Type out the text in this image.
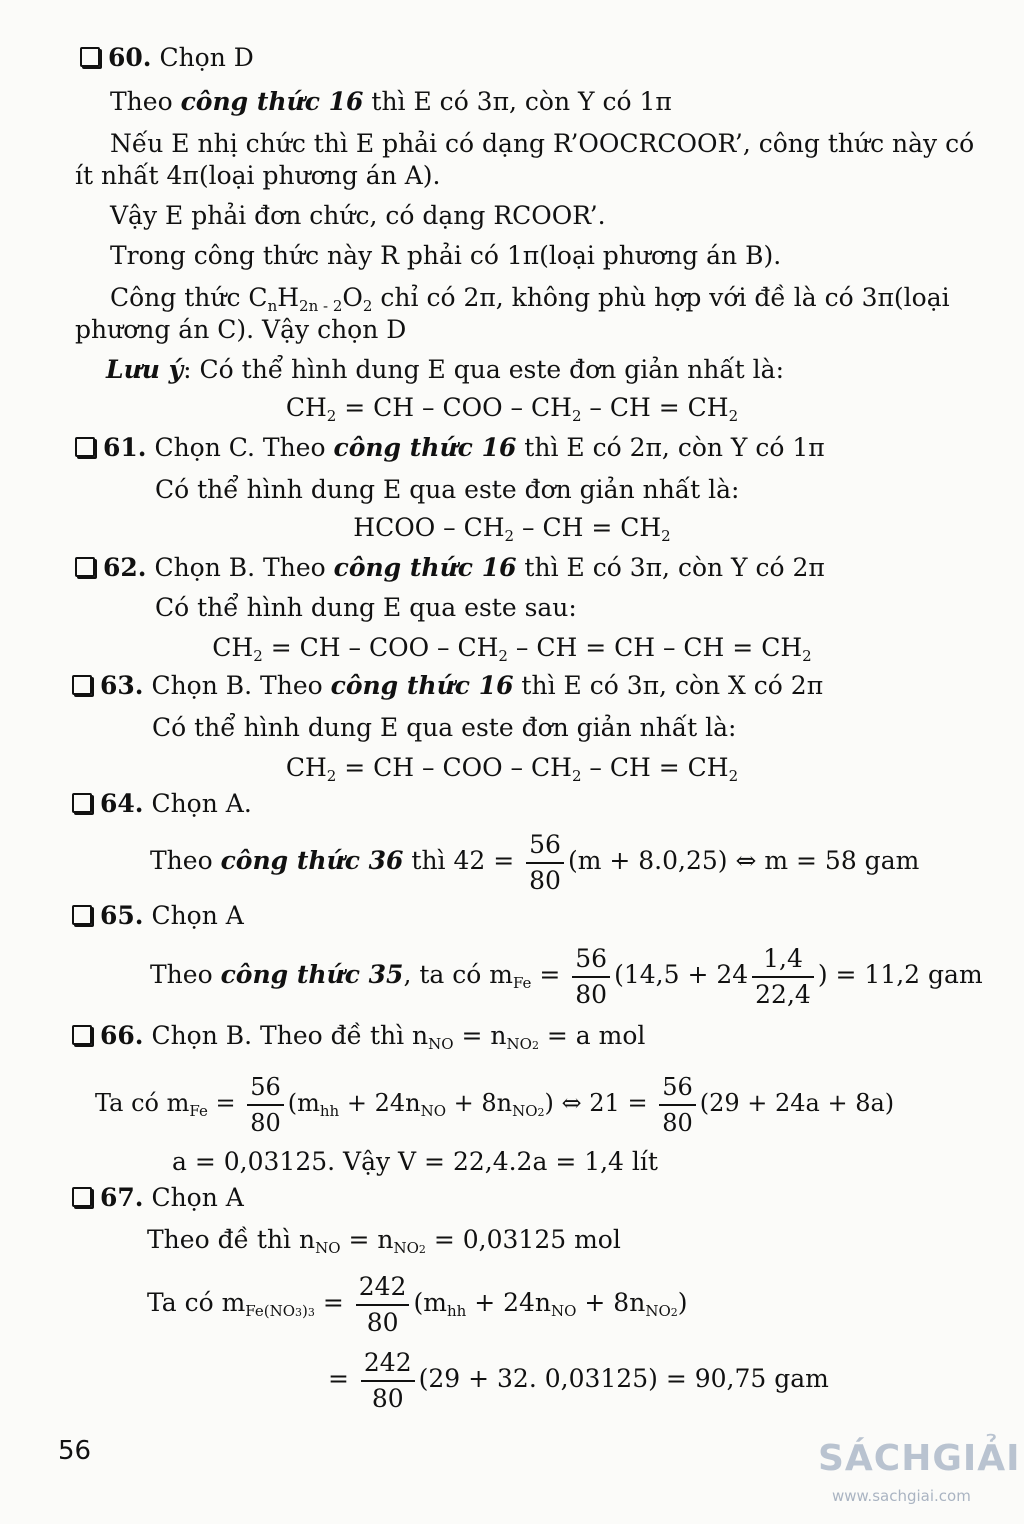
60. Chọn D
Theo công thức 16 thì E có 3π, còn Y có 1π
Nếu E nhị chức thì E phải có dạng R’OOCRCOOR’, công thức này có
ít nhất 4π(loại phương án A).
Vậy E phải đơn chức, có dạng RCOOR’.
Trong công thức này R phải có 1π(loại phương án B).
Công thức $C_nH_{2n - 2}O_2$ chỉ có 2π, không phù hợp với đề là có 3π(loại
phương án C). Vậy chọn D
Lưu ý: Có thể hình dung E qua este đơn giản nhất là:
$CH_2$ = CH – COO – $CH_2$ – CH = $CH_2$
61. Chọn C. Theo công thức 16 thì E có 2π, còn Y có 1π
Có thể hình dung E qua este đơn giản nhất là:
HCOO – $CH_2$ – CH = $CH_2$
62. Chọn B. Theo công thức 16 thì E có 3π, còn Y có 2π
Có thể hình dung E qua este sau:
$CH_2$ = CH – COO – $CH_2$ – CH = CH – CH = $CH_2$
63. Chọn B. Theo công thức 16 thì E có 3π, còn X có 2π
Có thể hình dung E qua este đơn giản nhất là:
$CH_2$ = CH – COO – $CH_2$ – CH = $CH_2$
64. Chọn A.
Theo công thức 36 thì $42 = \frac{56}{80} (m + 8.0,25)$ ⇔ m = 58 gam
65. Chọn A
Theo công thức 35, ta có $m_{Fe} = \frac{56}{80} (14,5 + 24 \frac{1,4}{22,4}$ ) = 11,2 gam
66. Chọn B. Theo đề thì $n_{NO} = n_{NO2} = a$ mol
Ta có $m_{Fe} = \frac{56}{80} (m_{hh} + 24n_{NO} + 8n_{NO2})$ ⇔ $21 = \frac{56}{80} (29 + 24a + 8a)$
a = 0,03125. Vậy V = 22,4.2a = 1,4 lít
67. Chọn A
Theo đề thì $n_{NO} = n_{NO2} = 0,03125$ mol
Ta có $m_{Fe(NO3)3} = \frac{242}{80} (m_{hh} + 24n_{NO} + 8n_{NO2})$
= $\frac{242}{80} (29 + 32$. 0,03125) = 90,75 gam
56	SÁCHGIẢI
www.sachgiai.com
